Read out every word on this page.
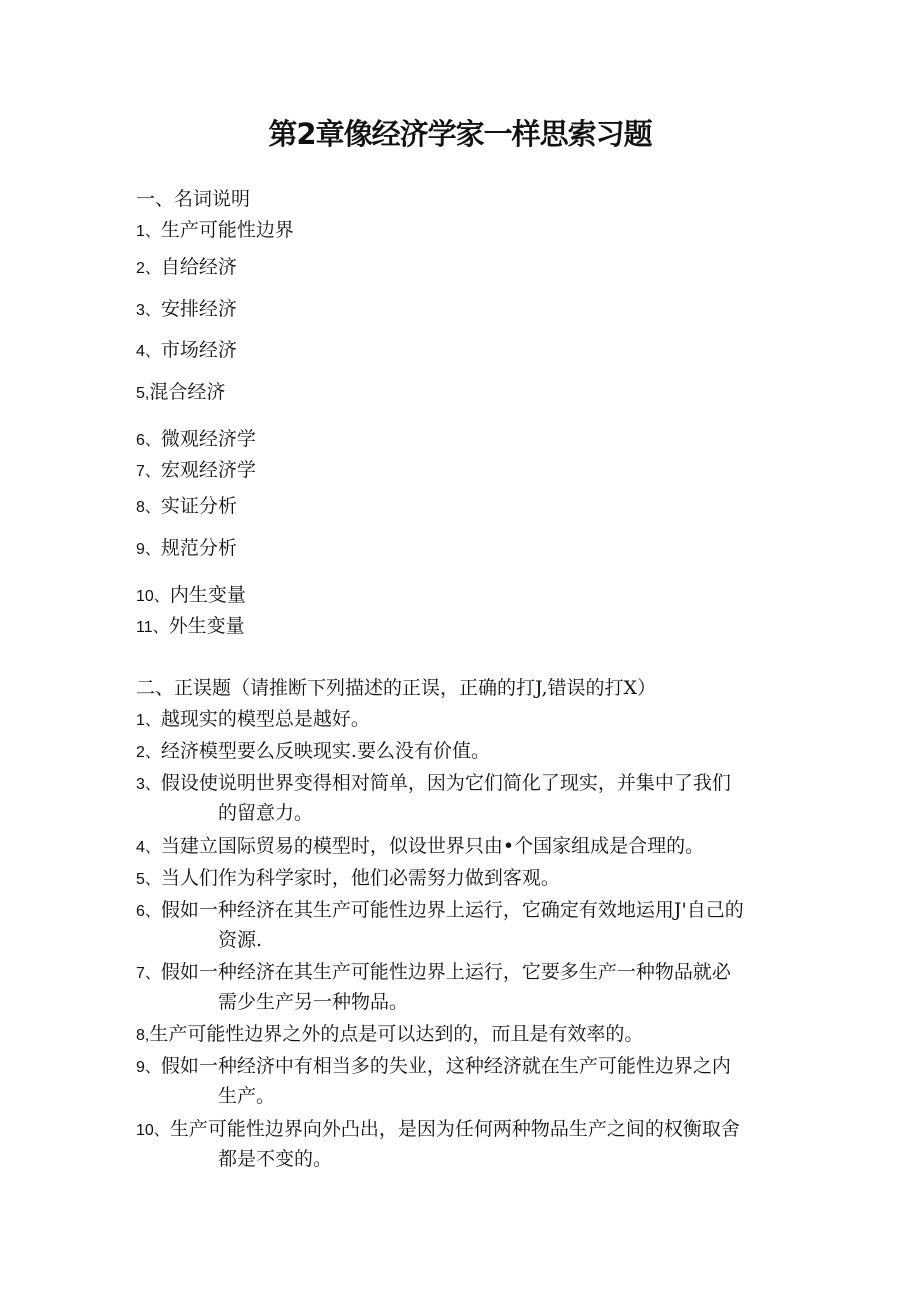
第2章像经济学家一样思索习题
一、名词说明
1、生产可能性边界
2、自给经济
3、安排经济
4、市场经济
5,混合经济
6、微观经济学
7、宏观经济学
8、实证分析
9、规范分析
10、内生变量
11、外生变量
二、正误题（请推断下列描述的正误，正确的打J,错误的打X）
1、越现实的模型总是越好。
2、经济模型要么反映现实.要么没有价值。
3、假设使说明世界变得相对简单，因为它们简化了现实，并集中了我们
的留意力。
4、当建立国际贸易的模型时，似设世界只由•个国家组成是合理的。
5、当人们作为科学家时，他们必需努力做到客观。
6、假如一种经济在其生产可能性边界上运行，它确定有效地运用J'自己的
资源.
7、假如一种经济在其生产可能性边界上运行，它要多生产一种物品就必
需少生产另一种物品。
8,生产可能性边界之外的点是可以达到的，而且是有效率的。
9、假如一种经济中有相当多的失业，这种经济就在生产可能性边界之内
生产。
10、生产可能性边界向外凸出，是因为任何两种物品生产之间的权衡取舍
都是不变的。
